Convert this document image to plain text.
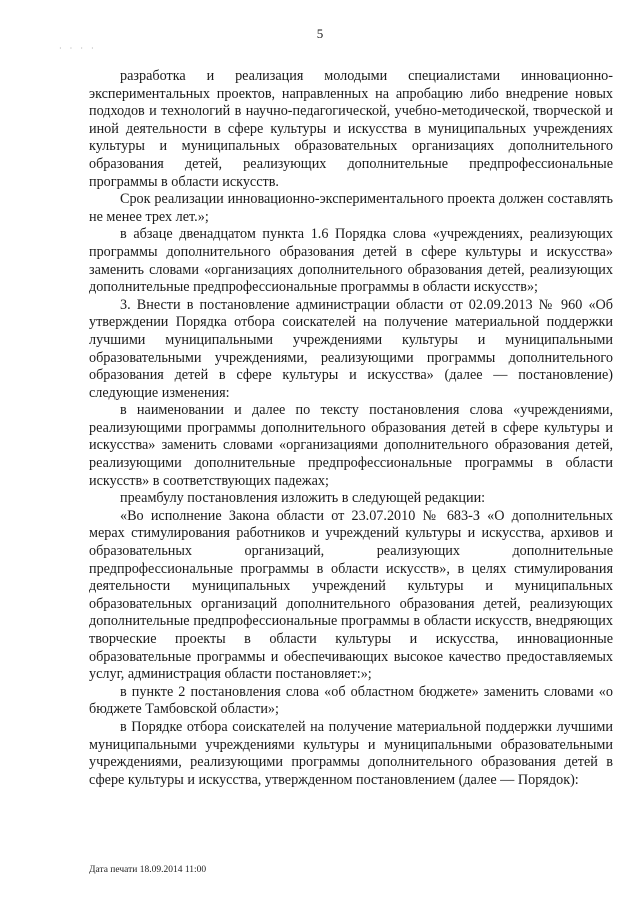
· · · ·
5

разработка и реализация молодыми специалистами инновационно-экспериментальных проектов, направленных на апробацию либо внедрение новых подходов и технологий в научно-педагогической, учебно-методической, творческой и иной деятельности в сфере культуры и искусства в муниципальных учреждениях культуры и муниципальных образовательных организациях дополнительного образования детей, реализующих дополнительные предпрофессиональные программы в области искусств.

Срок реализации инновационно-экспериментального проекта должен составлять не менее трех лет.»;

в абзаце двенадцатом пункта 1.6 Порядка слова «учреждениях, реализующих программы дополнительного образования детей в сфере культуры и искусства» заменить словами «организациях дополнительного образования детей, реализующих дополнительные предпрофессиональные программы в области искусств»;

3. Внести в постановление администрации области от 02.09.2013 № 960 «Об утверждении Порядка отбора соискателей на получение материальной поддержки лучшими муниципальными учреждениями культуры и муниципальными образовательными учреждениями, реализующими программы дополнительного образования детей в сфере культуры и искусства» (далее — постановление) следующие изменения:

в наименовании и далее по тексту постановления слова «учреждениями, реализующими программы дополнительного образования детей в сфере культуры и искусства» заменить словами «организациями дополнительного образования детей, реализующими дополнительные предпрофессиональные программы в области искусств» в соответствующих падежах;

преамбулу постановления изложить в следующей редакции:

«Во исполнение Закона области от 23.07.2010 № 683-З «О дополнительных мерах стимулирования работников и учреждений культуры и искусства, архивов и образовательных организаций, реализующих дополнительные предпрофессиональные программы в области искусств», в целях стимулирования деятельности муниципальных учреждений культуры и муниципальных образовательных организаций дополнительного образования детей, реализующих дополнительные предпрофессиональные программы в области искусств, внедряющих творческие проекты в области культуры и искусства, инновационные образовательные программы и обеспечивающих высокое качество предоставляемых услуг, администрация области постановляет:»;

в пункте 2 постановления слова «об областном бюджете» заменить словами «о бюджете Тамбовской области»;

в Порядке отбора соискателей на получение материальной поддержки лучшими муниципальными учреждениями культуры и муниципальными образовательными учреждениями, реализующими программы дополнительного образования детей в сфере культуры и искусства, утвержденном постановлением (далее — Порядок):

Дата печати 18.09.2014 11:00
